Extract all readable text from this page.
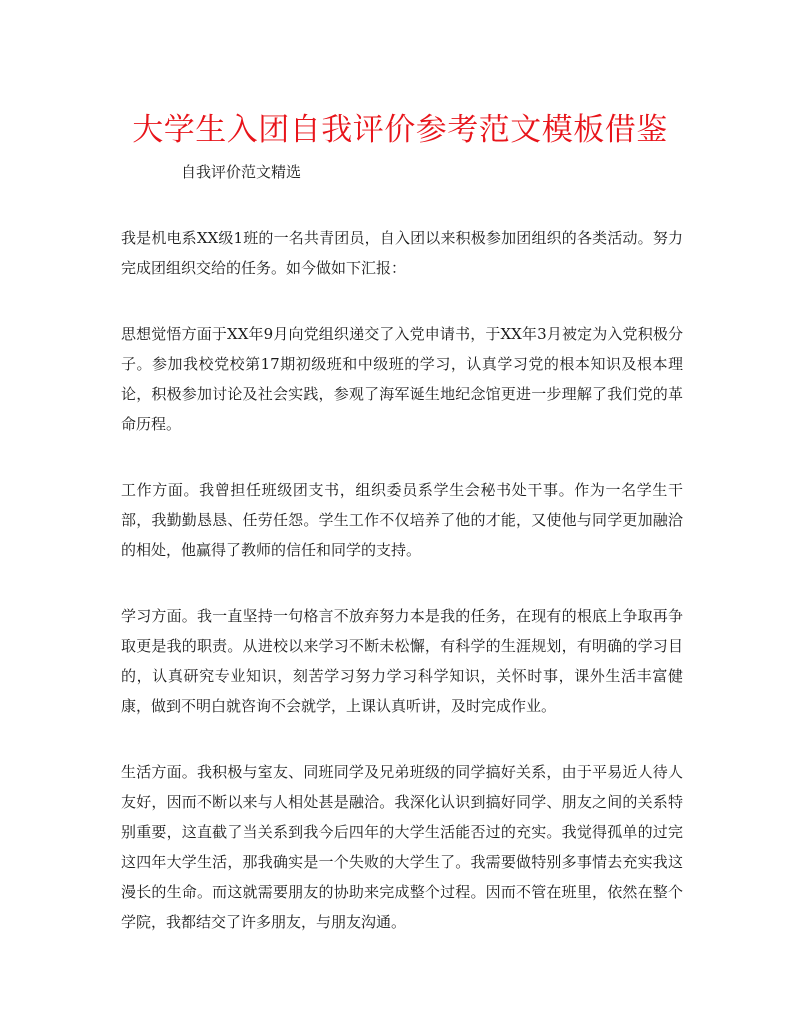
大学生入团自我评价参考范文模板借鉴

自我评价范文精选

我是机电系XX级1班的一名共青团员，自入团以来积极参加团组织的各类活动。努力完成团组织交给的任务。如今做如下汇报：

思想觉悟方面于XX年9月向党组织递交了入党申请书，于XX年3月被定为入党积极分子。参加我校党校第17期初级班和中级班的学习，认真学习党的根本知识及根本理论，积极参加讨论及社会实践，参观了海军诞生地纪念馆更进一步理解了我们党的革命历程。

工作方面。我曾担任班级团支书，组织委员系学生会秘书处干事。作为一名学生干部，我勤勤恳恳、任劳任怨。学生工作不仅培养了他的才能，又使他与同学更加融洽的相处，他赢得了教师的信任和同学的支持。

学习方面。我一直坚持一句格言不放弃努力本是我的任务，在现有的根底上争取再争取更是我的职责。从进校以来学习不断未松懈，有科学的生涯规划，有明确的学习目的，认真研究专业知识，刻苦学习努力学习科学知识，关怀时事，课外生活丰富健康，做到不明白就咨询不会就学，上课认真听讲，及时完成作业。

生活方面。我积极与室友、同班同学及兄弟班级的同学搞好关系，由于平易近人待人友好，因而不断以来与人相处甚是融洽。我深化认识到搞好同学、朋友之间的关系特别重要，这直截了当关系到我今后四年的大学生活能否过的充实。我觉得孤单的过完这四年大学生活，那我确实是一个失败的大学生了。我需要做特别多事情去充实我这漫长的生命。而这就需要朋友的协助来完成整个过程。因而不管在班里，依然在整个学院，我都结交了许多朋友，与朋友沟通。
